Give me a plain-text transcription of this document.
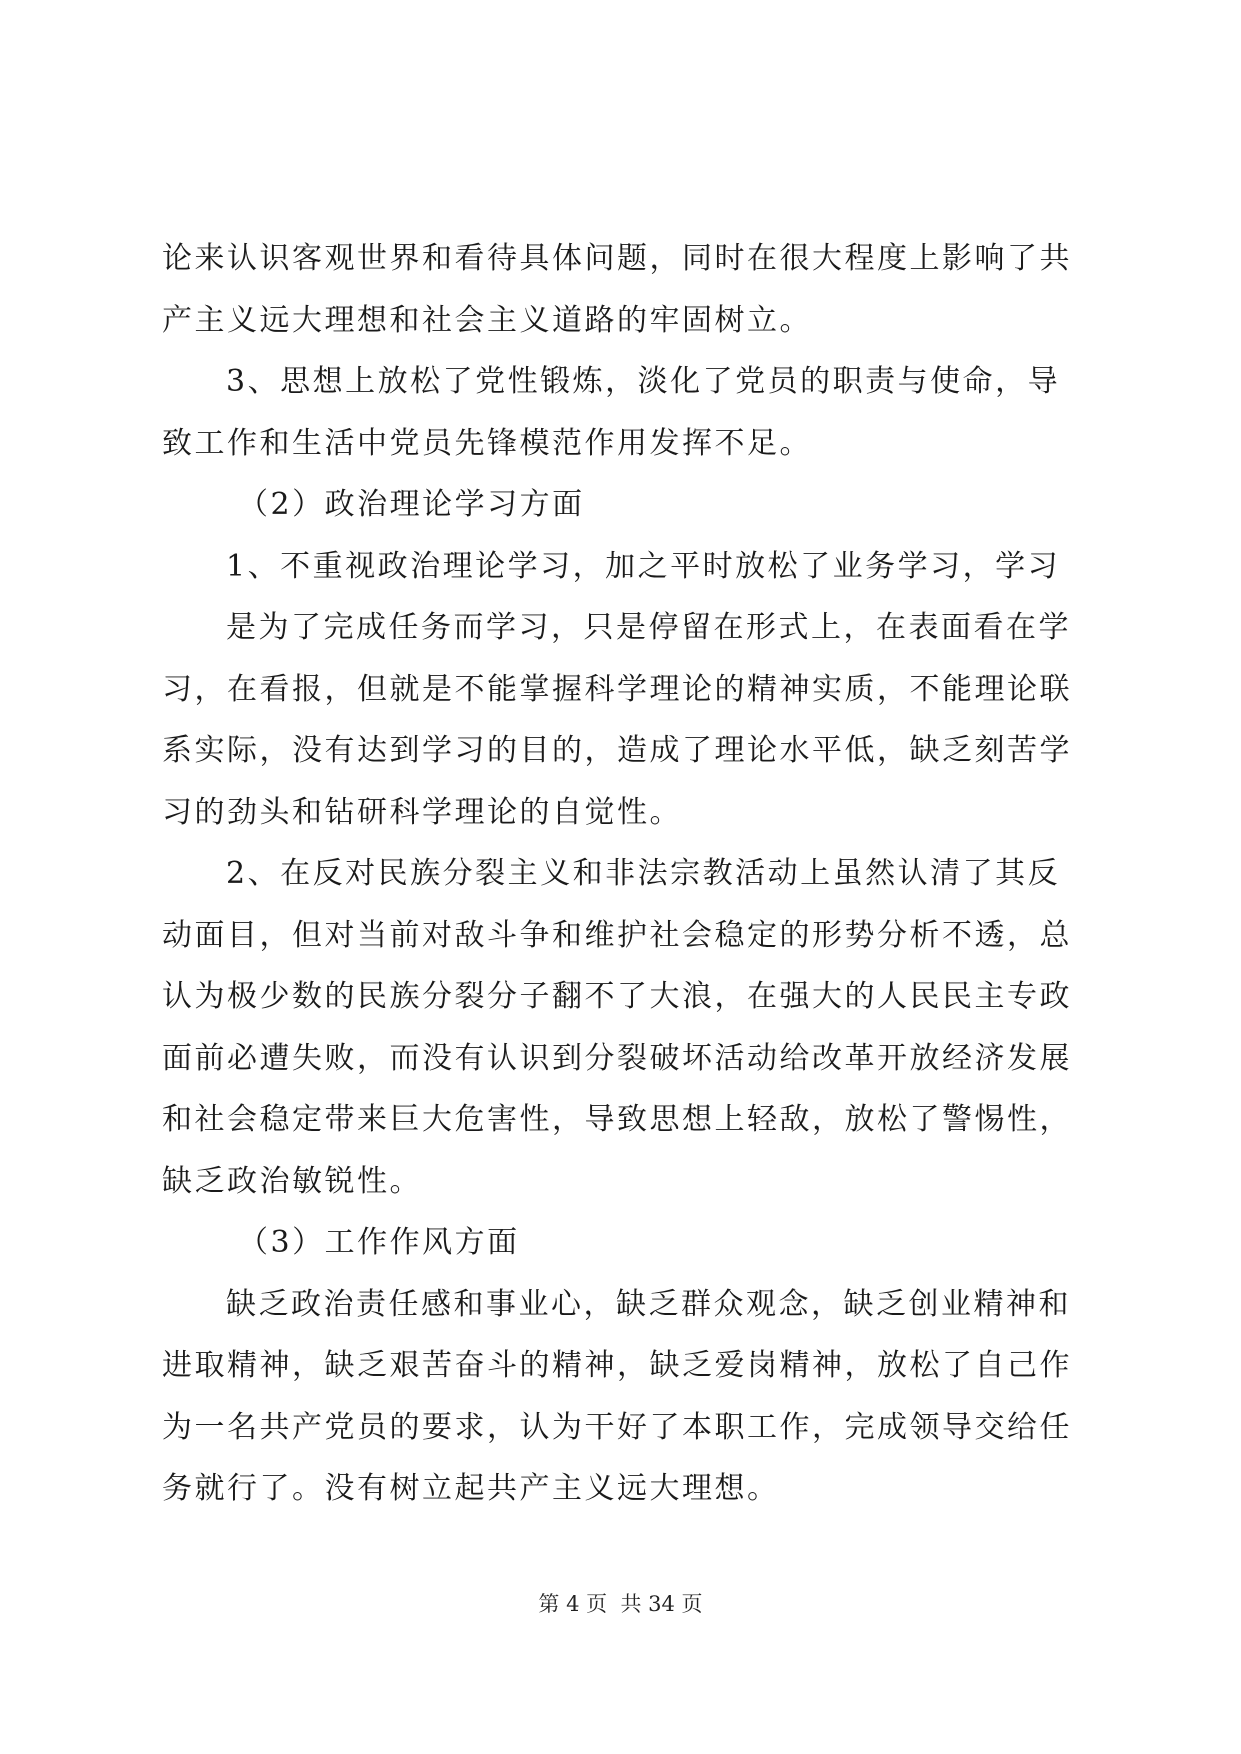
论来认识客观世界和看待具体问题，同时在很大程度上影响了共
产主义远大理想和社会主义道路的牢固树立。
3、思想上放松了党性锻炼，淡化了党员的职责与使命，导
致工作和生活中党员先锋模范作用发挥不足。
（2）政治理论学习方面
1、不重视政治理论学习，加之平时放松了业务学习，学习
是为了完成任务而学习，只是停留在形式上，在表面看在学
习，在看报，但就是不能掌握科学理论的精神实质，不能理论联
系实际，没有达到学习的目的，造成了理论水平低，缺乏刻苦学
习的劲头和钻研科学理论的自觉性。
2、在反对民族分裂主义和非法宗教活动上虽然认清了其反
动面目，但对当前对敌斗争和维护社会稳定的形势分析不透，总
认为极少数的民族分裂分子翻不了大浪，在强大的人民民主专政
面前必遭失败，而没有认识到分裂破坏活动给改革开放经济发展
和社会稳定带来巨大危害性，导致思想上轻敌，放松了警惕性，
缺乏政治敏锐性。
（3）工作作风方面
缺乏政治责任感和事业心，缺乏群众观念，缺乏创业精神和
进取精神，缺乏艰苦奋斗的精神，缺乏爱岗精神，放松了自己作
为一名共产党员的要求，认为干好了本职工作，完成领导交给任
务就行了。没有树立起共产主义远大理想。
第 4 页  共 34 页
